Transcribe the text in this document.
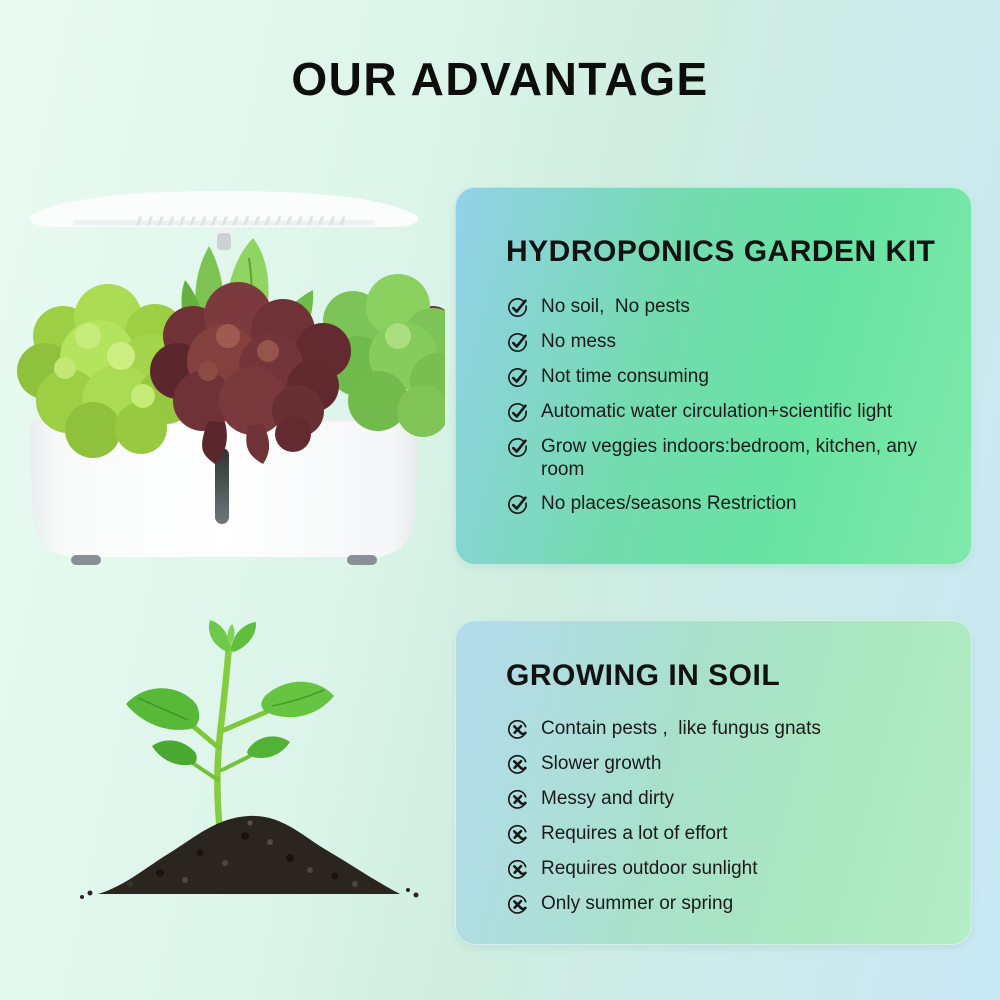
OUR ADVANTAGE
HYDROPONICS GARDEN KIT
No soil,  No pests
No mess
Not time consuming
Automatic water circulation+scientific light
Grow veggies indoors:bedroom, kitchen, any room
No places/seasons Restriction
GROWING IN SOIL
Contain pests ,  like fungus gnats
Slower growth
Messy and dirty
Requires a lot of effort
Requires outdoor sunlight
Only summer or spring
